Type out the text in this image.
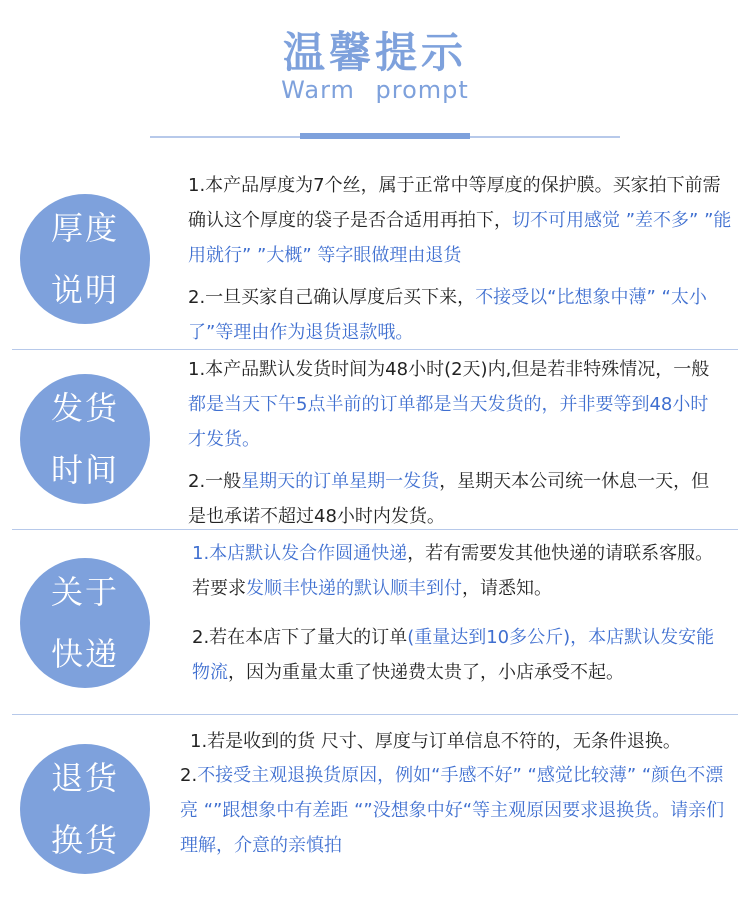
温馨提示
Warm prompt
厚度
说明
1.本产品厚度为7个丝，属于正常中等厚度的保护膜。买家拍下前需确认这个厚度的袋子是否合适用再拍下，切不可用感觉 ”差不多” ”能用就行” ”大概” 等字眼做理由退货
2.一旦买家自己确认厚度后买下来，不接受以“比想象中薄” “太小了”等理由作为退货退款哦。
发货
时间
1.本产品默认发货时间为48小时(2天)内,但是若非特殊情况，一般都是当天下午5点半前的订单都是当天发货的，并非要等到48小时才发货。
2.一般星期天的订单星期一发货，星期天本公司统一休息一天，但是也承诺不超过48小时内发货。
关于
快递
1.本店默认发合作圆通快递，若有需要发其他快递的请联系客服。若要求发顺丰快递的默认顺丰到付，请悉知。
2.若在本店下了量大的订单(重量达到10多公斤)，本店默认发安能物流，因为重量太重了快递费太贵了，小店承受不起。
退货
换货
1.若是收到的货 尺寸、厚度与订单信息不符的，无条件退换。
2.不接受主观退换货原因，例如“手感不好” “感觉比较薄” “颜色不漂亮 “”跟想象中有差距 “”没想象中好“等主观原因要求退换货。请亲们理解，介意的亲慎拍
